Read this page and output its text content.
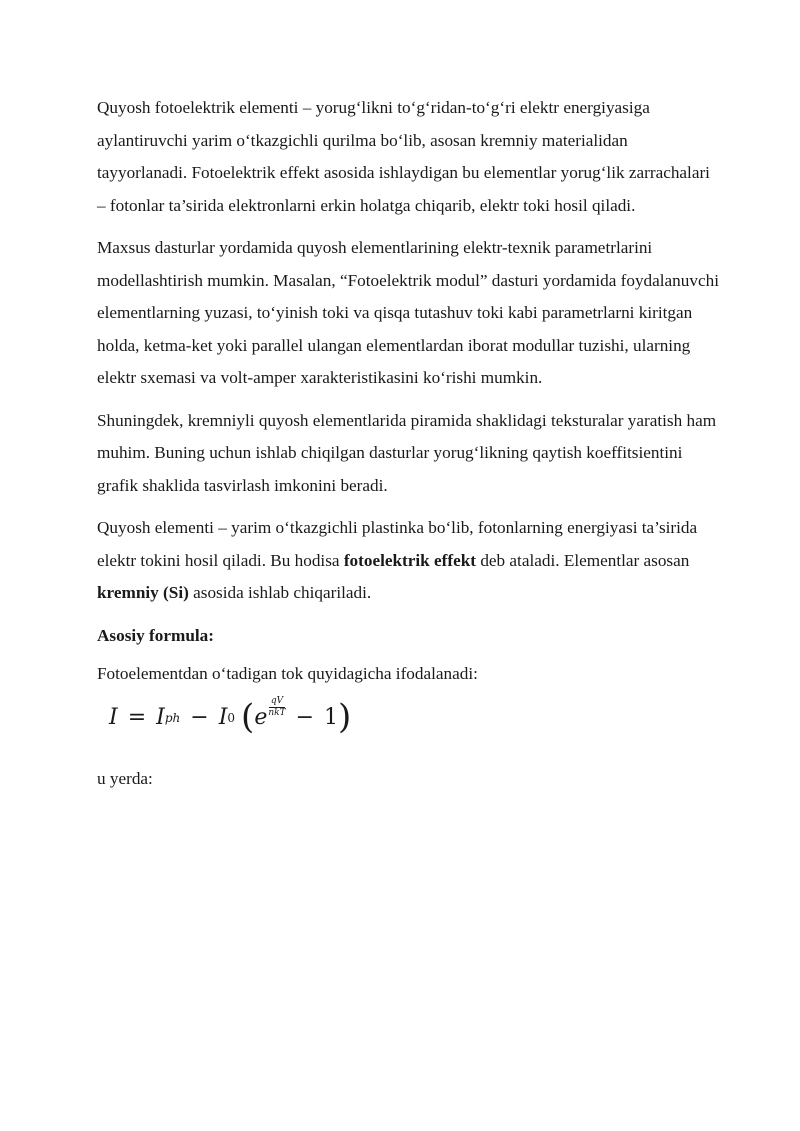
Quyosh fotoelektrik elementi – yorug‘likni to‘g‘ridan-to‘g‘ri elektr energiyasiga aylantiruvchi yarim o‘tkazgichli qurilma bo‘lib, asosan kremniy materialidan tayyorlanadi. Fotoelektrik effekt asosida ishlaydigan bu elementlar yorug‘lik zarrachalari – fotonlar ta’sirida elektronlarni erkin holatga chiqarib, elektr toki hosil qiladi.

Maxsus dasturlar yordamida quyosh elementlarining elektr-texnik parametrlarini modellashtirish mumkin. Masalan, “Fotoelektrik modul” dasturi yordamida foydalanuvchi elementlarning yuzasi, to‘yinish toki va qisqa tutashuv toki kabi parametrlarni kiritgan holda, ketma-ket yoki parallel ulangan elementlardan iborat modullar tuzishi, ularning elektr sxemasi va volt-amper xarakteristikasini ko‘rishi mumkin.

Shuningdek, kremniyli quyosh elementlarida piramida shaklidagi teksturalar yaratish ham muhim. Buning uchun ishlab chiqilgan dasturlar yorug‘likning qaytish koeffitsientini grafik shaklida tasvirlash imkonini beradi.

Quyosh elementi – yarim o‘tkazgichli plastinka bo‘lib, fotonlarning energiyasi ta’sirida elektr tokini hosil qiladi. Bu hodisa fotoelektrik effekt deb ataladi. Elementlar asosan kremniy (Si) asosida ishlab chiqariladi.

Asosiy formula:

Fotoelementdan o‘tadigan tok quyidagicha ifodalanadi:

I = I ph − I 0 ( e $\frac{qV}{\text{nkT}} - 1$ )

u yerda:
